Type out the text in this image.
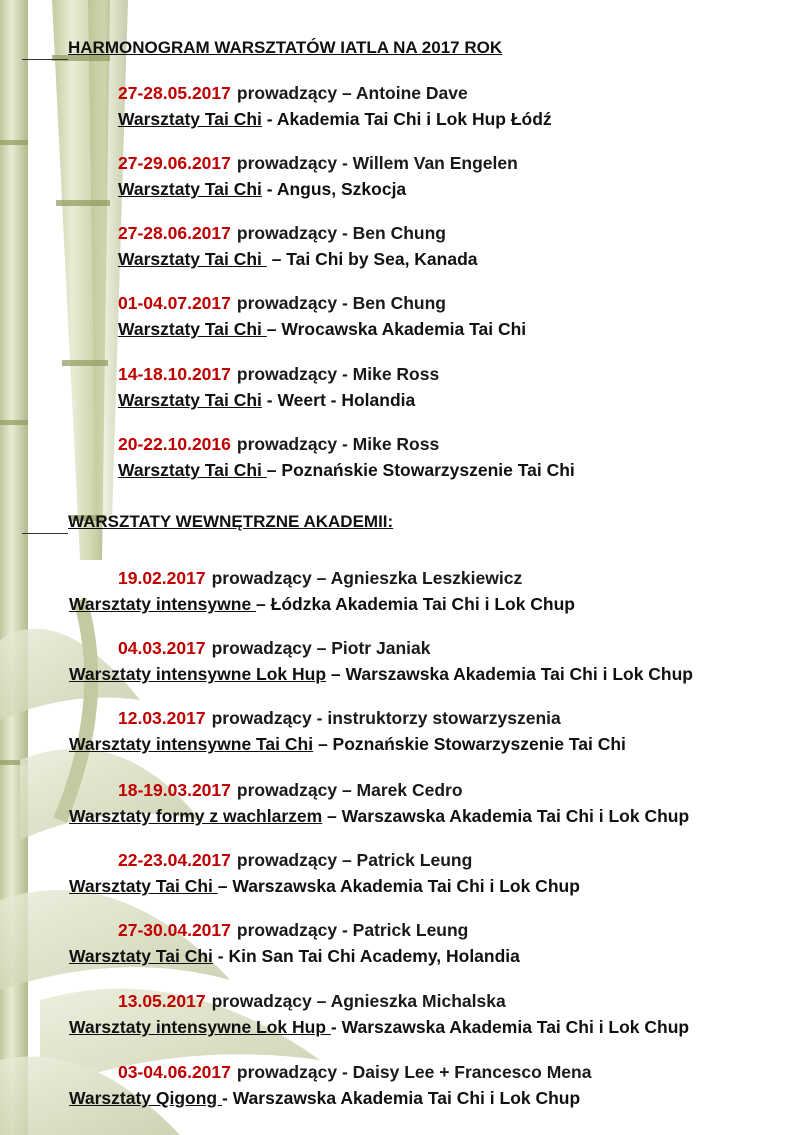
HARMONOGRAM WARSZTATÓW IATLA NA 2017 ROK
WARSZTATY WEWNĘTRZNE AKADEMII:
27-28.05.2017 prowadzący – Antoine Dave
Warsztaty Tai Chi - Akademia Tai Chi i Lok Hup Łódź
27-29.06.2017 prowadzący - Willem Van Engelen
Warsztaty Tai Chi - Angus, Szkocja
27-28.06.2017 prowadzący - Ben Chung
Warsztaty Tai Chi  – Tai Chi by Sea, Kanada
01-04.07.2017 prowadzący - Ben Chung
Warsztaty Tai Chi – Wrocawska Akademia Tai Chi
14-18.10.2017 prowadzący - Mike Ross
Warsztaty Tai Chi - Weert - Holandia
20-22.10.2016 prowadzący - Mike Ross
Warsztaty Tai Chi – Poznańskie Stowarzyszenie Tai Chi
19.02.2017 prowadzący – Agnieszka Leszkiewicz
Warsztaty intensywne – Łódzka Akademia Tai Chi i Lok Chup
04.03.2017 prowadzący – Piotr Janiak
Warsztaty intensywne Lok Hup – Warszawska Akademia Tai Chi i Lok Chup
12.03.2017 prowadzący - instruktorzy stowarzyszenia
Warsztaty intensywne Tai Chi – Poznańskie Stowarzyszenie Tai Chi
18-19.03.2017 prowadzący – Marek Cedro
Warsztaty formy z wachlarzem – Warszawska Akademia Tai Chi i Lok Chup
22-23.04.2017 prowadzący – Patrick Leung
Warsztaty Tai Chi – Warszawska Akademia Tai Chi i Lok Chup
27-30.04.2017 prowadzący - Patrick Leung
Warsztaty Tai Chi - Kin San Tai Chi Academy, Holandia
13.05.2017 prowadzący – Agnieszka Michalska
Warsztaty intensywne Lok Hup - Warszawska Akademia Tai Chi i Lok Chup
03-04.06.2017 prowadzący - Daisy Lee + Francesco Mena
Warsztaty Qigong - Warszawska Akademia Tai Chi i Lok Chup
